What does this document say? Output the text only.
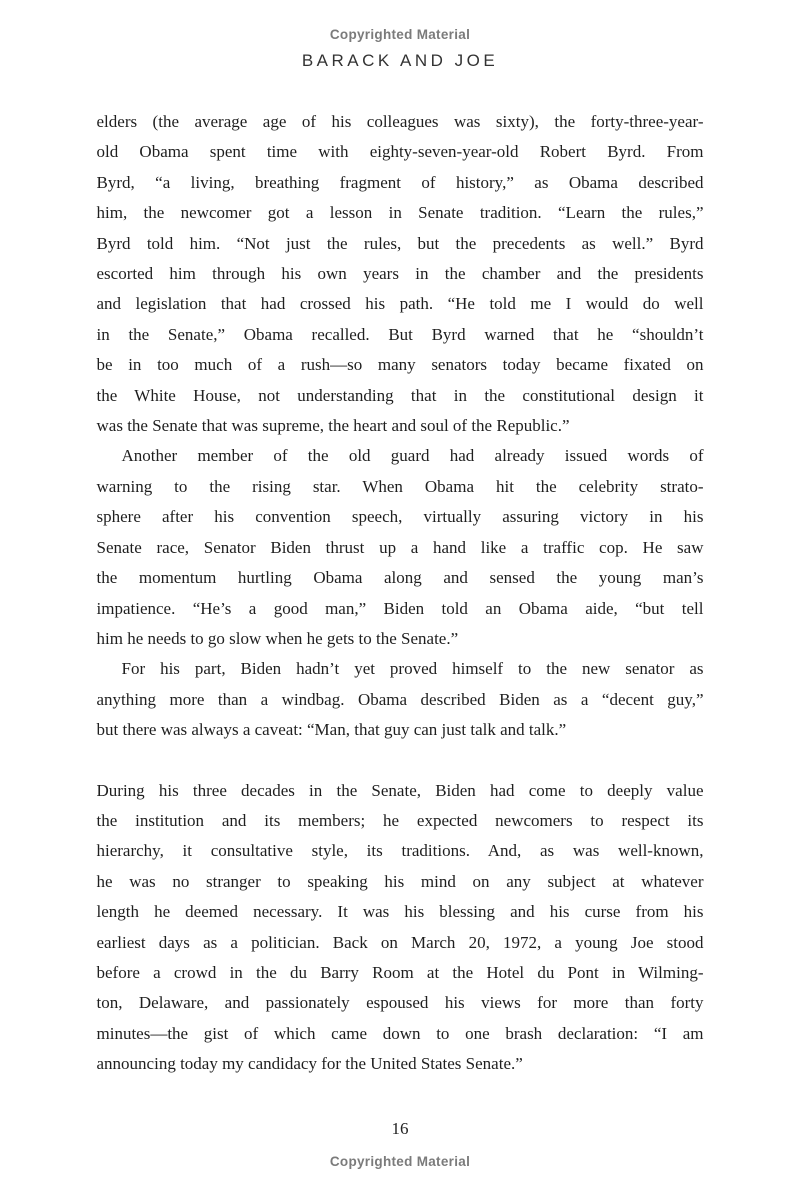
Copyrighted Material
BARACK AND JOE
elders (the average age of his colleagues was sixty), the forty-three-year-
old Obama spent time with eighty-seven-year-old Robert Byrd. From
Byrd, “a living, breathing fragment of history,” as Obama described
him, the newcomer got a lesson in Senate tradition. “Learn the rules,”
Byrd told him. “Not just the rules, but the precedents as well.” Byrd
escorted him through his own years in the chamber and the presidents
and legislation that had crossed his path. “He told me I would do well
in the Senate,” Obama recalled. But Byrd warned that he “shouldn’t
be in too much of a rush—so many senators today became fixated on
the White House, not understanding that in the constitutional design it
was the Senate that was supreme, the heart and soul of the Republic.”
Another member of the old guard had already issued words of
warning to the rising star. When Obama hit the celebrity strato-
sphere after his convention speech, virtually assuring victory in his
Senate race, Senator Biden thrust up a hand like a traffic cop. He saw
the momentum hurtling Obama along and sensed the young man’s
impatience. “He’s a good man,” Biden told an Obama aide, “but tell
him he needs to go slow when he gets to the Senate.”
For his part, Biden hadn’t yet proved himself to the new senator as
anything more than a windbag. Obama described Biden as a “decent guy,”
but there was always a caveat: “Man, that guy can just talk and talk.”
During his three decades in the Senate, Biden had come to deeply value
the institution and its members; he expected newcomers to respect its
hierarchy, it consultative style, its traditions. And, as was well-known,
he was no stranger to speaking his mind on any subject at whatever
length he deemed necessary. It was his blessing and his curse from his
earliest days as a politician. Back on March 20, 1972, a young Joe stood
before a crowd in the du Barry Room at the Hotel du Pont in Wilming-
ton, Delaware, and passionately espoused his views for more than forty
minutes—the gist of which came down to one brash declaration: “I am
announcing today my candidacy for the United States Senate.”
16
Copyrighted Material
